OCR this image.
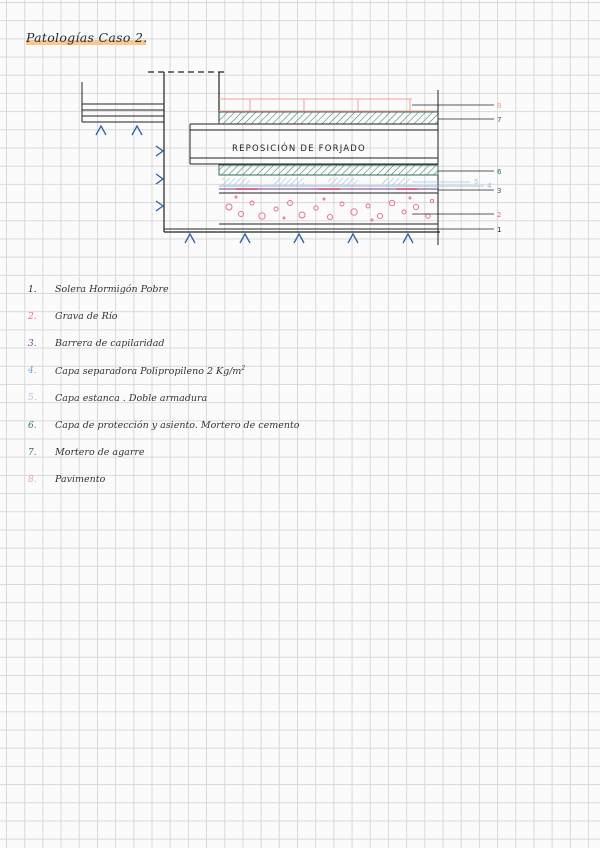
Patologías Caso 2.
REPOSICIÓN DE FORJADO
8
7
6
5 4
3
2
1
1.	Solera Hormigón Pobre
2.	Grava de Río
3.	Barrera de capilaridad
4.	Capa separadora Polipropileno 2 $Kg/m^2$
5.	Capa estanca . Doble armadura
6.	Capa de protección y asiento. Mortero de cemento
7.	Mortero de agarre
8.	Pavimento
